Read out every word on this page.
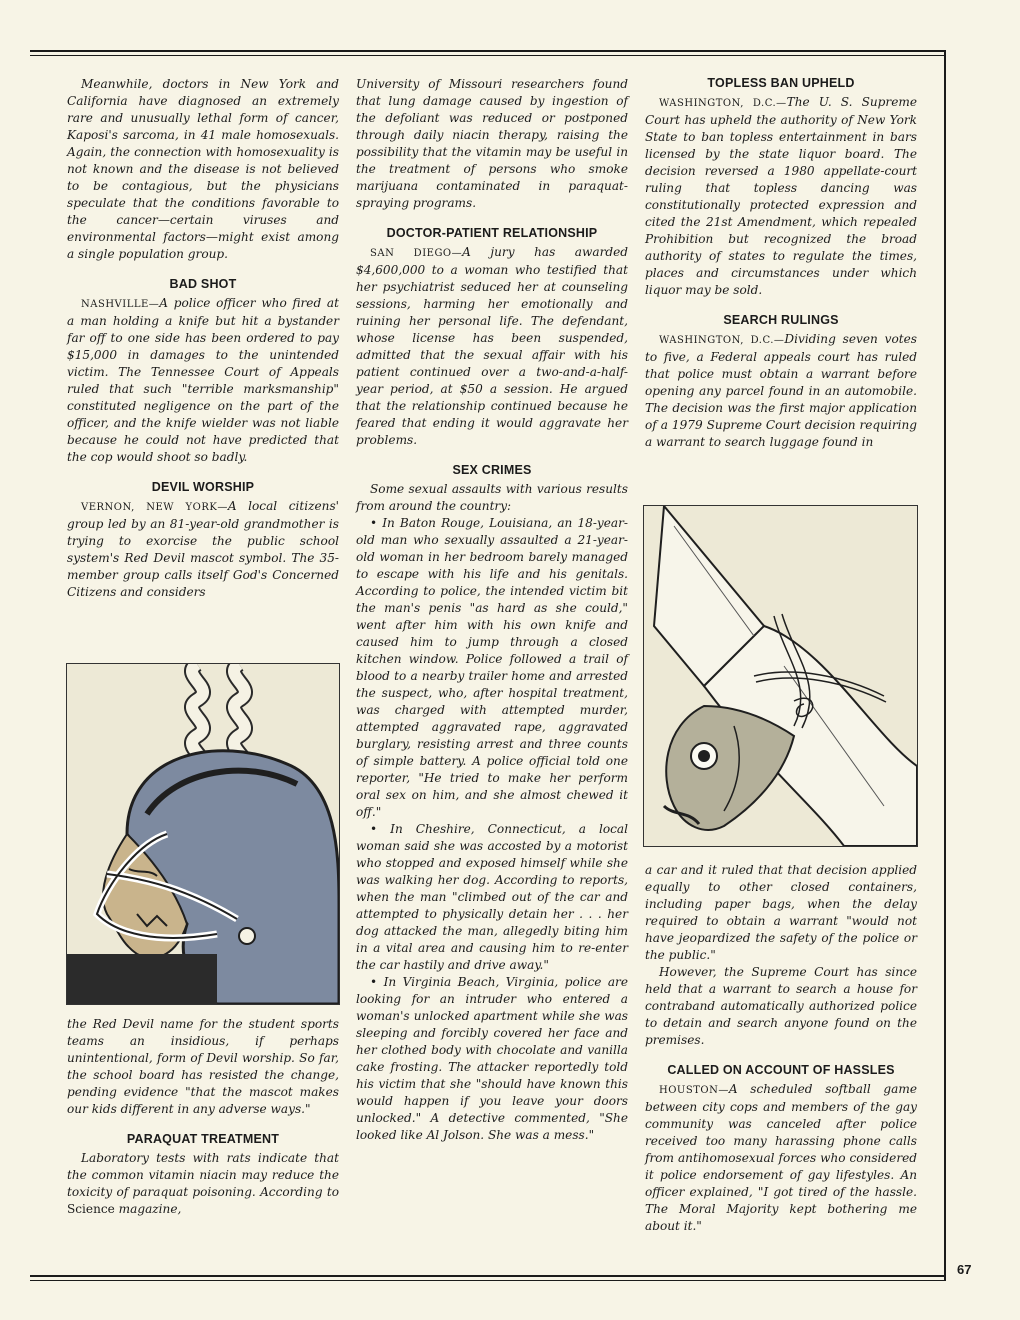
Meanwhile, doctors in New York and California have diagnosed an extremely rare and unusually lethal form of cancer, Kaposi's sarcoma, in 41 male homosexuals. Again, the connection with homosexuality is not known and the disease is not believed to be contagious, but the physicians speculate that the conditions favorable to the cancer—certain viruses and environmental factors—might exist among a single population group.

BAD SHOT

NASHVILLE—A police officer who fired at a man holding a knife but hit a bystander far off to one side has been ordered to pay $15,000 in damages to the unintended victim. The Tennessee Court of Appeals ruled that such "terrible marksmanship" constituted negligence on the part of the officer, and the knife wielder was not liable because he could not have predicted that the cop would shoot so badly.

DEVIL WORSHIP

VERNON, NEW YORK—A local citizens' group led by an 81-year-old grandmother is trying to exorcise the public school system's Red Devil mascot symbol. The 35-member group calls itself God's Concerned Citizens and considers

the Red Devil name for the student sports teams an insidious, if perhaps unintentional, form of Devil worship. So far, the school board has resisted the change, pending evidence "that the mascot makes our kids different in any adverse ways."

PARAQUAT TREATMENT

Laboratory tests with rats indicate that the common vitamin niacin may reduce the toxicity of paraquat poisoning. According to Science magazine,

University of Missouri researchers found that lung damage caused by ingestion of the defoliant was reduced or postponed through daily niacin therapy, raising the possibility that the vitamin may be useful in the treatment of persons who smoke marijuana contaminated in paraquat-spraying programs.

DOCTOR-PATIENT RELATIONSHIP

SAN DIEGO—A jury has awarded $4,600,000 to a woman who testified that her psychiatrist seduced her at counseling sessions, harming her emotionally and ruining her personal life. The defendant, whose license has been suspended, admitted that the sexual affair with his patient continued over a two-and-a-half-year period, at $50 a session. He argued that the relationship continued because he feared that ending it would aggravate her problems.

SEX CRIMES

Some sexual assaults with various results from around the country:

• In Baton Rouge, Louisiana, an 18-year-old man who sexually assaulted a 21-year-old woman in her bedroom barely managed to escape with his life and his genitals. According to police, the intended victim bit the man's penis "as hard as she could," went after him with his own knife and caused him to jump through a closed kitchen window. Police followed a trail of blood to a nearby trailer home and arrested the suspect, who, after hospital treatment, was charged with attempted murder, attempted aggravated rape, aggravated burglary, resisting arrest and three counts of simple battery. A police official told one reporter, "He tried to make her perform oral sex on him, and she almost chewed it off."

• In Cheshire, Connecticut, a local woman said she was accosted by a motorist who stopped and exposed himself while she was walking her dog. According to reports, when the man "climbed out of the car and attempted to physically detain her . . . her dog attacked the man, allegedly biting him in a vital area and causing him to re-enter the car hastily and drive away."

• In Virginia Beach, Virginia, police are looking for an intruder who entered a woman's unlocked apartment while she was sleeping and forcibly covered her face and her clothed body with chocolate and vanilla cake frosting. The attacker reportedly told his victim that she "should have known this would happen if you leave your doors unlocked." A detective commented, "She looked like Al Jolson. She was a mess."

TOPLESS BAN UPHELD

WASHINGTON, D.C.—The U. S. Supreme Court has upheld the authority of New York State to ban topless entertainment in bars licensed by the state liquor board. The decision reversed a 1980 appellate-court ruling that topless dancing was constitutionally protected expression and cited the 21st Amendment, which repealed Prohibition but recognized the broad authority of states to regulate the times, places and circumstances under which liquor may be sold.

SEARCH RULINGS

WASHINGTON, D.C.—Dividing seven votes to five, a Federal appeals court has ruled that police must obtain a warrant before opening any parcel found in an automobile. The decision was the first major application of a 1979 Supreme Court decision requiring a warrant to search luggage found in

a car and it ruled that that decision applied equally to other closed containers, including paper bags, when the delay required to obtain a warrant "would not have jeopardized the safety of the police or the public."

However, the Supreme Court has since held that a warrant to search a house for contraband automatically authorized police to detain and search anyone found on the premises.

CALLED ON ACCOUNT OF HASSLES

HOUSTON—A scheduled softball game between city cops and members of the gay community was canceled after police received too many harassing phone calls from antihomosexual forces who considered it police endorsement of gay lifestyles. An officer explained, "I got tired of the hassle. The Moral Majority kept bothering me about it."

67
